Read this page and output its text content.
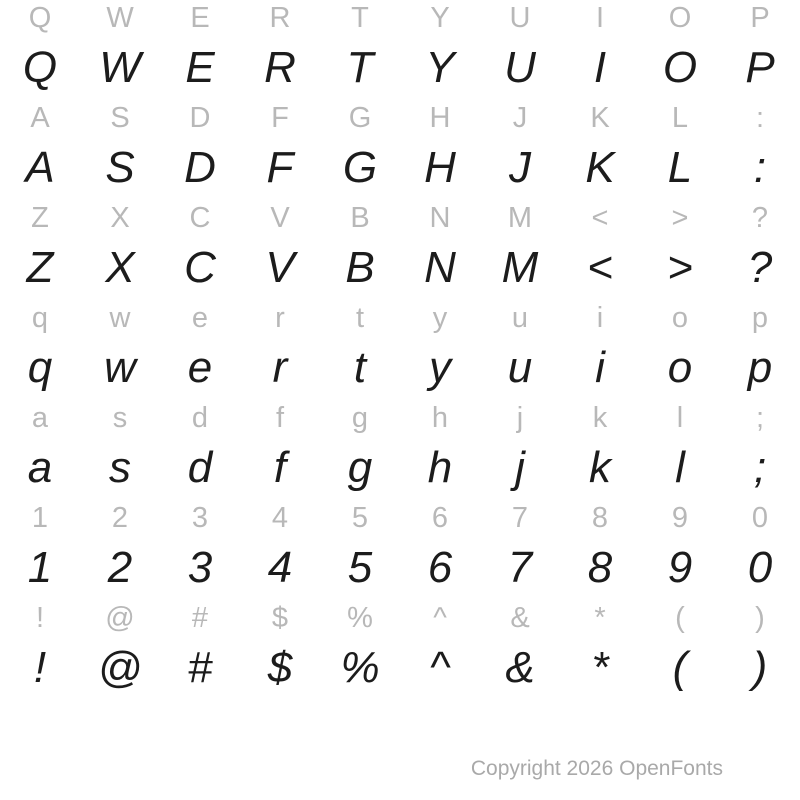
Q W E R T Y U I O P
Q W E R T Y U I O P
A S D F G H J K L :
A S D F G H J K L :
Z X C V B N M < > ?
Z X C V B N M < > ?
q w e r t y u i o p
q w e r t y u i o p
a s d f g h j k l	;
a s d f g h j k l ;
1 2 3 4 5 6 7 8 9 0
1 2 3 4 5 6 7 8 9 0
! @ # $ % ^ & * ( )
! @ # $ % ^ & * ( )
Copyright 2026 OpenFonts
